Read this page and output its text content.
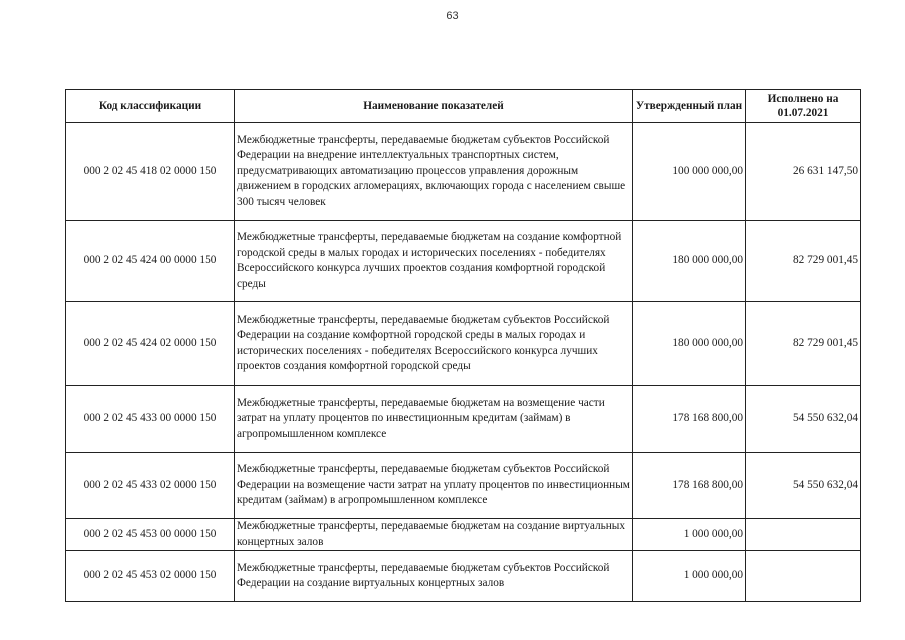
63
Код классификации	Наименование показателей	Утвержденный план	Исполнено на 01.07.2021
000 2 02 45 418 02 0000 150	Межбюджетные трансферты, передаваемые бюджетам субъектов Российской Федерации на внедрение интеллектуальных транспортных систем, предусматривающих автоматизацию процессов управления дорожным движением в городских агломерациях, включающих города с населением свыше 300 тысяч человек	100 000 000,00	26 631 147,50
000 2 02 45 424 00 0000 150	Межбюджетные трансферты, передаваемые бюджетам на создание комфортной городской среды в малых городах и исторических поселениях - победителях Всероссийского конкурса лучших проектов создания комфортной городской среды	180 000 000,00	82 729 001,45
000 2 02 45 424 02 0000 150	Межбюджетные трансферты, передаваемые бюджетам субъектов Российской Федерации на создание комфортной городской среды в малых городах и исторических поселениях - победителях Всероссийского конкурса лучших проектов создания комфортной городской среды	180 000 000,00	82 729 001,45
000 2 02 45 433 00 0000 150	Межбюджетные трансферты, передаваемые бюджетам на возмещение части затрат на уплату процентов по инвестиционным кредитам (займам) в агропромышленном комплексе	178 168 800,00	54 550 632,04
000 2 02 45 433 02 0000 150	Межбюджетные трансферты, передаваемые бюджетам субъектов Российской Федерации на возмещение части затрат на уплату процентов по инвестиционным кредитам (займам) в агропромышленном комплексе	178 168 800,00	54 550 632,04
000 2 02 45 453 00 0000 150	Межбюджетные трансферты, передаваемые бюджетам на создание виртуальных концертных залов	1 000 000,00	
000 2 02 45 453 02 0000 150	Межбюджетные трансферты, передаваемые бюджетам субъектов Российской Федерации на создание виртуальных концертных залов	1 000 000,00	
